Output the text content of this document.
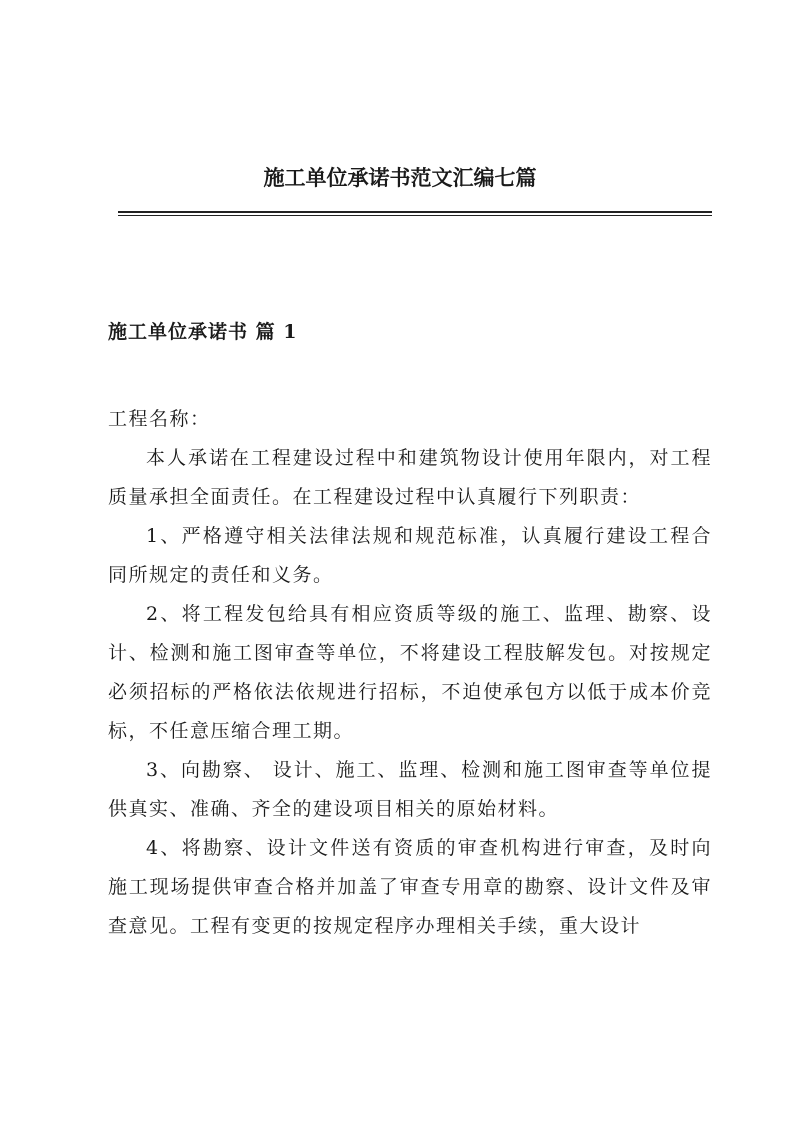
施工单位承诺书范文汇编七篇
施工单位承诺书 篇 1

工程名称：

本人承诺在工程建设过程中和建筑物设计使用年限内，对工程质量承担全面责任。在工程建设过程中认真履行下列职责：

1、严格遵守相关法律法规和规范标准，认真履行建设工程合同所规定的责任和义务。

2、将工程发包给具有相应资质等级的施工、监理、勘察、设计、检测和施工图审查等单位，不将建设工程肢解发包。对按规定必须招标的严格依法依规进行招标，不迫使承包方以低于成本价竞标，不任意压缩合理工期。

3、向勘察、 设计、施工、监理、检测和施工图审查等单位提供真实、准确、齐全的建设项目相关的原始材料。

4、将勘察、设计文件送有资质的审查机构进行审查，及时向施工现场提供审查合格并加盖了审查专用章的勘察、设计文件及审查意见。工程有变更的按规定程序办理相关手续，重大设计
